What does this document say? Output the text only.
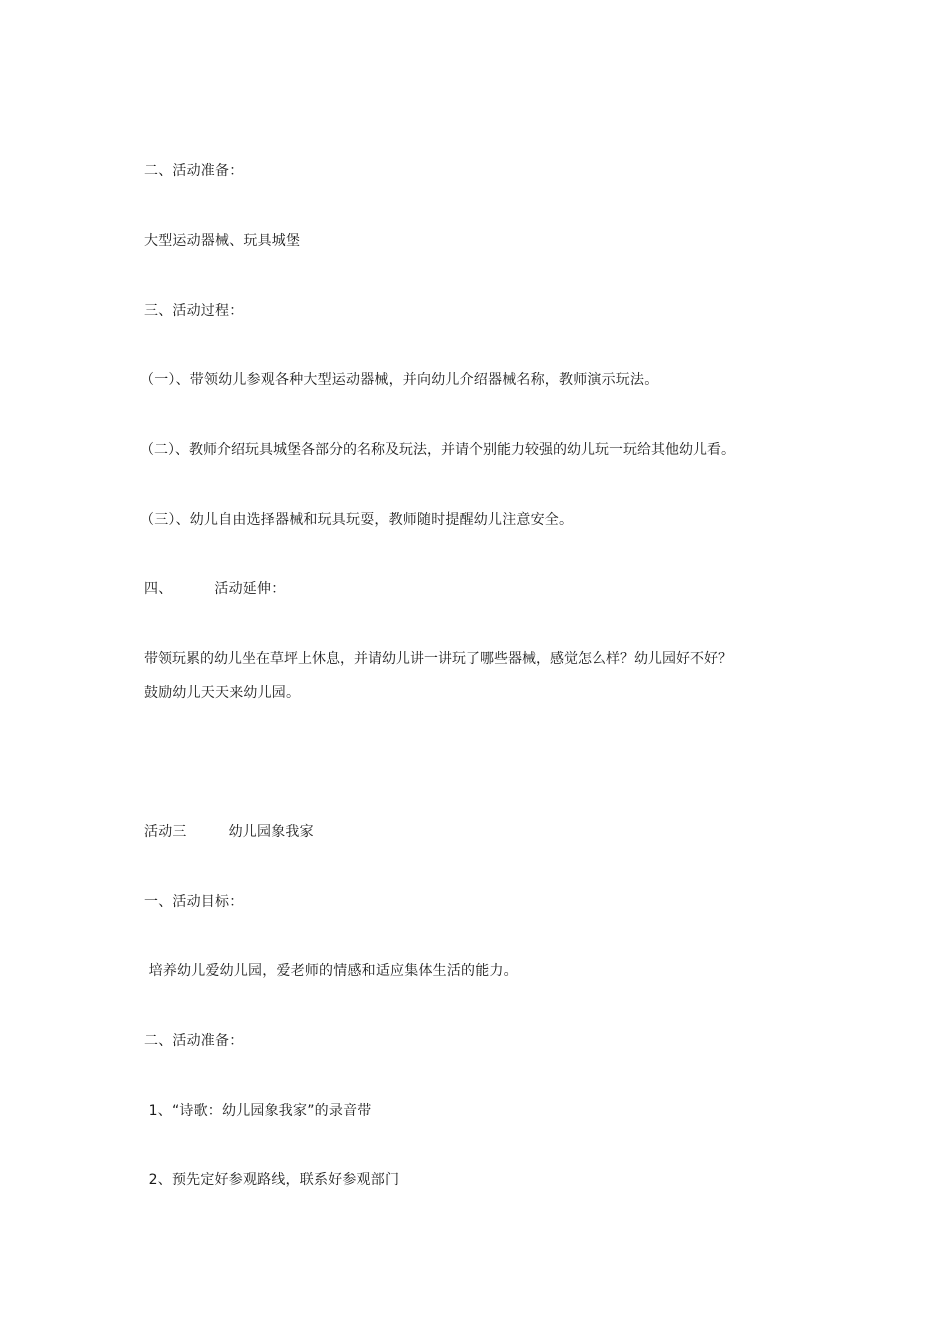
二、活动准备：
大型运动器械、玩具城堡
三、活动过程：
（一）、带领幼儿参观各种大型运动器械，并向幼儿介绍器械名称，教师演示玩法。
（二）、教师介绍玩具城堡各部分的名称及玩法，并请个别能力较强的幼儿玩一玩给其他幼儿看。
（三）、幼儿自由选择器械和玩具玩耍，教师随时提醒幼儿注意安全。
四、	活动延伸：
带领玩累的幼儿坐在草坪上休息，并请幼儿讲一讲玩了哪些器械，感觉怎么样？幼儿园好不好？
鼓励幼儿天天来幼儿园。
活动三	幼儿园象我家
一、活动目标：
培养幼儿爱幼儿园，爱老师的情感和适应集体生活的能力。
二、活动准备：
1、“诗歌：幼儿园象我家”的录音带
2、预先定好参观路线，联系好参观部门
